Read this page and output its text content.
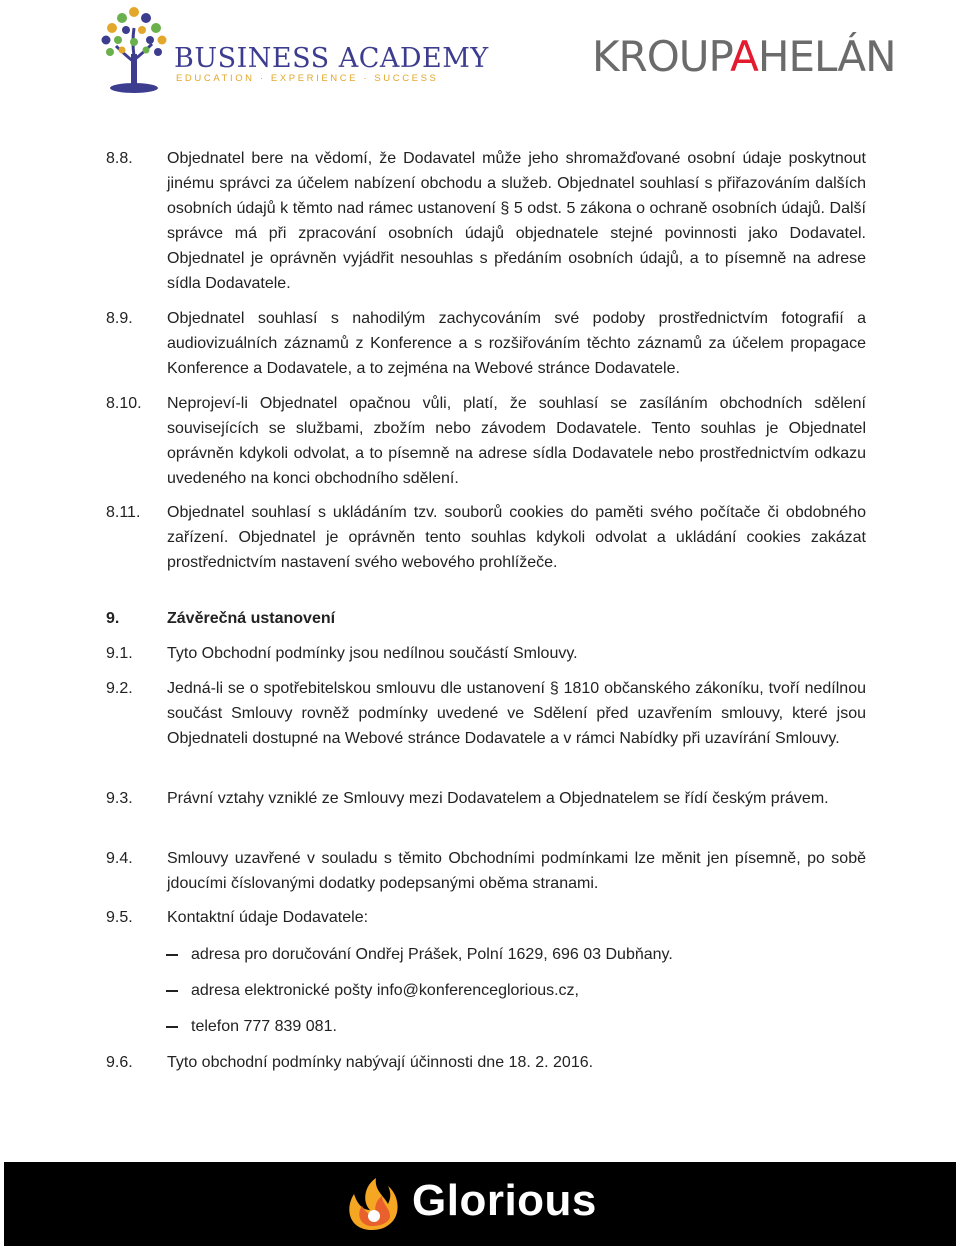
BUSINESS ACADEMY
EDUCATION · EXPERIENCE · SUCCESS	KROUPAHELÁN
8.8.	Objednatel bere na vědomí, že Dodavatel může jeho shromažďované osobní údaje poskytnout jinému správci za účelem nabízení obchodu a služeb. Objednatel souhlasí s přiřazováním dalších osobních údajů k těmto nad rámec ustanovení § 5 odst. 5 zákona o ochraně osobních údajů. Další správce má při zpracování osobních údajů objednatele stejné povinnosti jako Dodavatel. Objednatel je oprávněn vyjádřit nesouhlas s předáním osobních údajů, a to písemně na adrese sídla Dodavatele.
8.9.	Objednatel souhlasí s nahodilým zachycováním své podoby prostřednictvím fotografií a audiovizuálních záznamů z Konference a s rozšiřováním těchto záznamů za účelem propagace Konference a Dodavatele, a to zejména na Webové stránce Dodavatele.
8.10.	Neprojeví-li Objednatel opačnou vůli, platí, že souhlasí se zasíláním obchodních sdělení souvisejících se službami, zbožím nebo závodem Dodavatele. Tento souhlas je Objednatel oprávněn kdykoli odvolat, a to písemně na adrese sídla Dodavatele nebo prostřednictvím odkazu uvedeného na konci obchodního sdělení.
8.11.	Objednatel souhlasí s ukládáním tzv. souborů cookies do paměti svého počítače či obdobného zařízení. Objednatel je oprávněn tento souhlas kdykoli odvolat a ukládání cookies zakázat prostřednictvím nastavení svého webového prohlížeče.
9.	Závěrečná ustanovení
9.1.	Tyto Obchodní podmínky jsou nedílnou součástí Smlouvy.
9.2.	Jedná-li se o spotřebitelskou smlouvu dle ustanovení § 1810 občanského zákoníku, tvoří nedílnou součást Smlouvy rovněž podmínky uvedené ve Sdělení před uzavřením smlouvy, které jsou Objednateli dostupné na Webové stránce Dodavatele a v rámci Nabídky při uzavírání Smlouvy.
9.3.	Právní vztahy vzniklé ze Smlouvy mezi Dodavatelem a Objednatelem se řídí českým právem.
9.4.	Smlouvy uzavřené v souladu s těmito Obchodními podmínkami lze měnit jen písemně, po sobě jdoucími číslovanými dodatky podepsanými oběma stranami.
9.5.	Kontaktní údaje Dodavatele:
adresa pro doručování Ondřej Prášek, Polní 1629, 696 03 Dubňany.
adresa elektronické pošty info@konferenceglorious.cz,
telefon 777 839 081.
9.6.	Tyto obchodní podmínky nabývají účinnosti dne 18. 2. 2016.
Glorious
